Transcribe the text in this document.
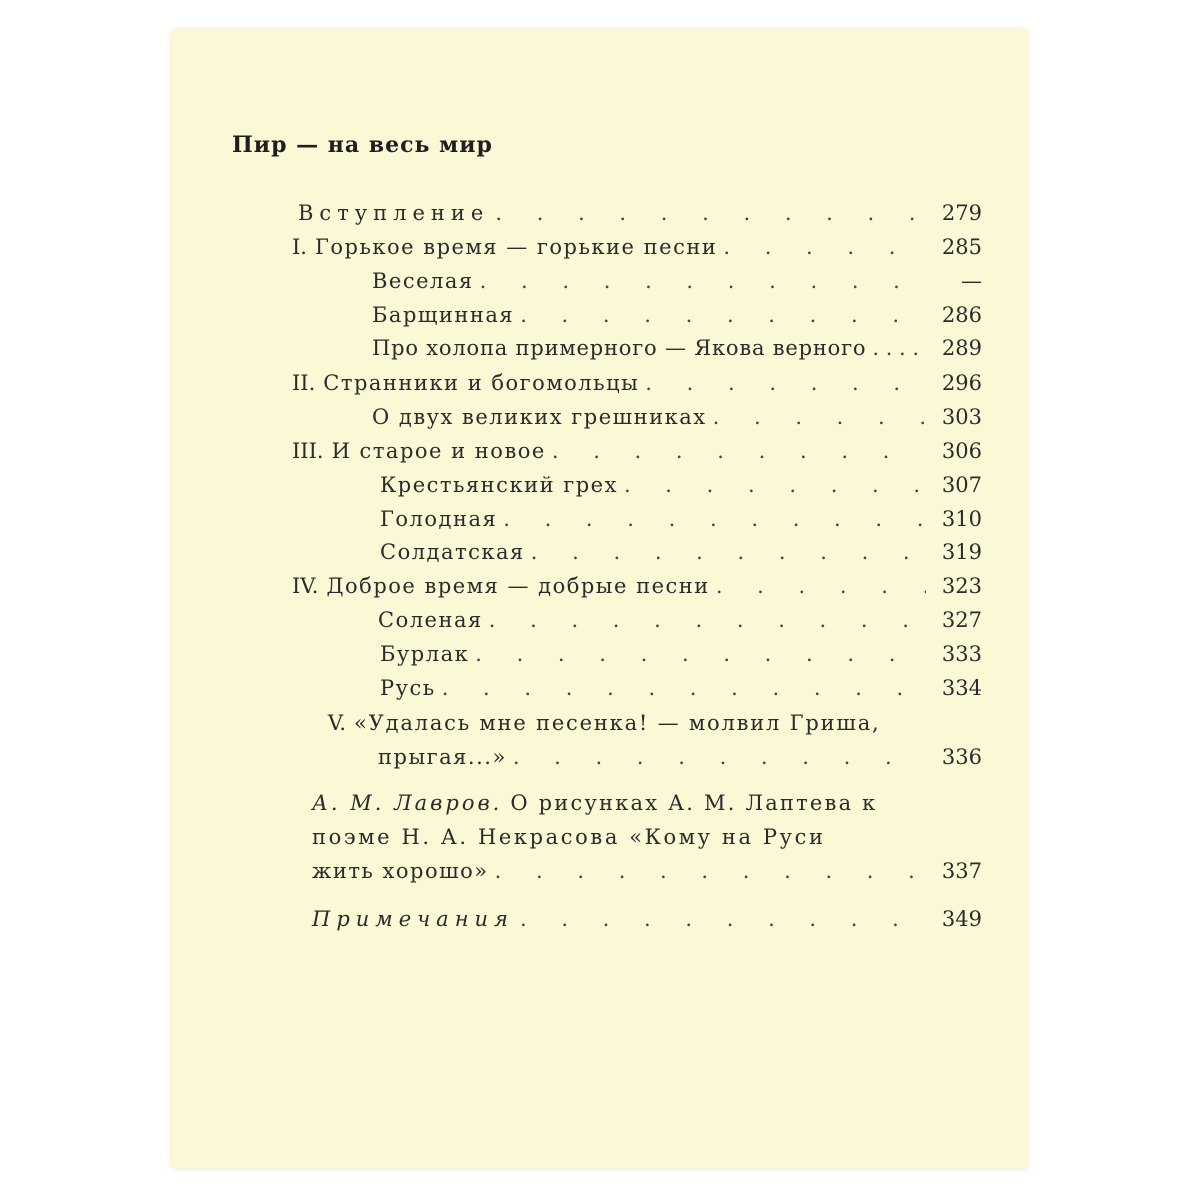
Пир — на весь мир
Вступление . . .	279
I. Горькое время — горькие песни . . .	285
Веселая . . .	—
Барщинная . . .	286
Про холопа примерного — Якова верного . . .	289
II. Странники и богомольцы . . .	296
О двух великих грешниках . . .	303
III. И старое и новое . . .	306
Крестьянский грех . . .	307
Голодная . . .	310
Солдатская . . .	319
IV. Доброе время — добрые песни . . .	323
Соленая . . .	327
Бурлак . . .	333
Русь . . .	334
V. «Удалась мне песенка! — молвил Гриша,
прыгая...» . . .	336
А. М. Лавров. О рисунках А. М. Лаптева к
поэме Н. А. Некрасова «Кому на Руси
жить хорошо» . . .	337
Примечания . . .	349
